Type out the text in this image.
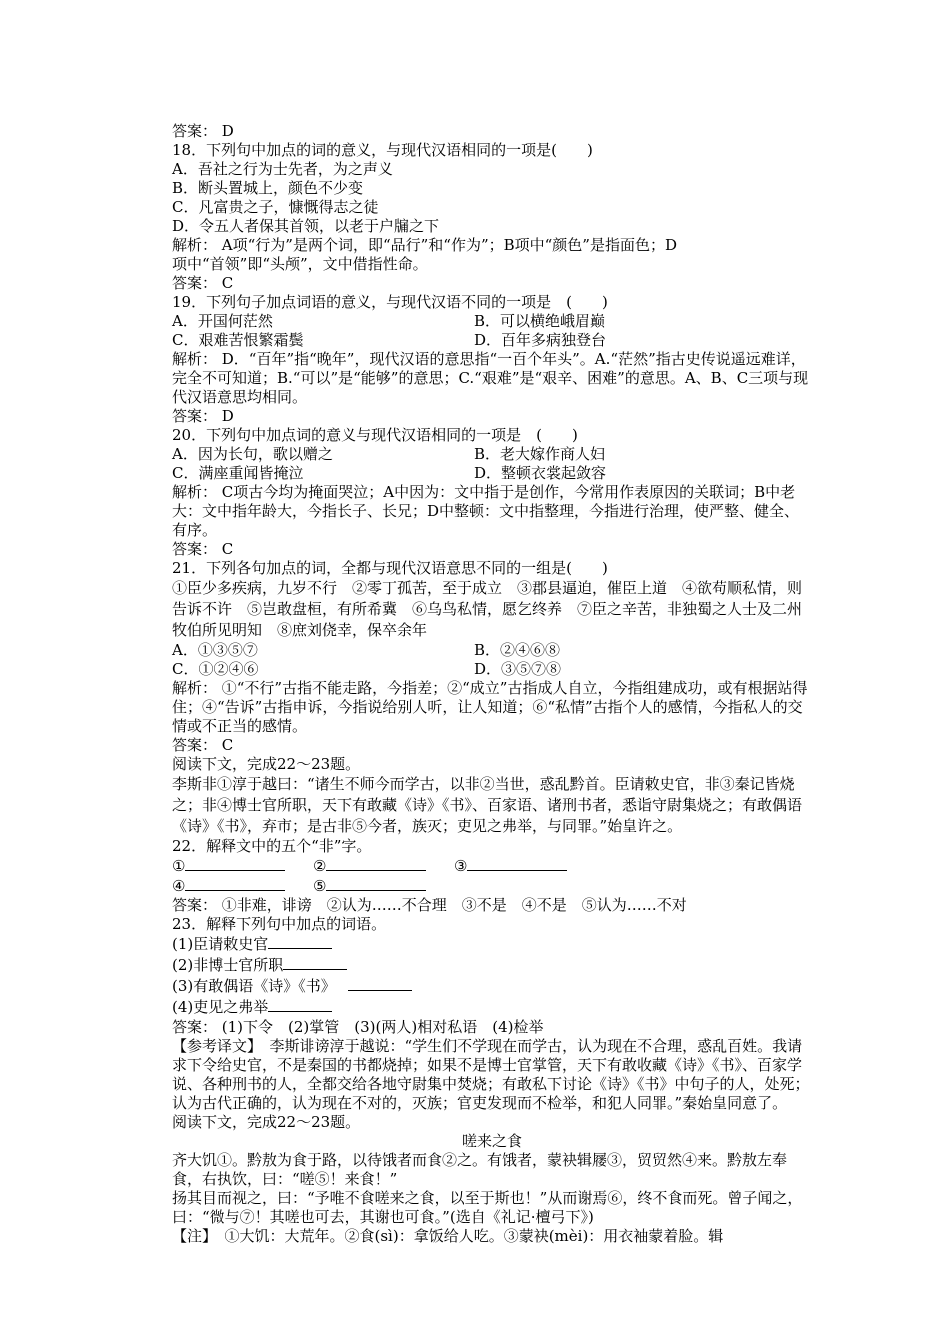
答案： D
18．下列句中加点的词的意义，与现代汉语相同的一项是(　　)
A．吾社之行为士先者，为之声义
B．断头置城上，颜色不少变
C．凡富贵之子，慷慨得志之徒
D．令五人者保其首领，以老于户牖之下
解析： A项“行为”是两个词，即“品行”和“作为”；B项中“颜色”是指面色；D
项中“首领”即“头颅”，文中借指性命。
答案： C
19．下列句子加点词语的意义，与现代汉语不同的一项是　(　　)
A．开国何茫然	B．可以横绝峨眉巅
C．艰难苦恨繁霜鬓	D．百年多病独登台
解析： D．“百年”指“晚年”，现代汉语的意思指“一百个年头”。A.“茫然”指古史传说遥远难详，完全不可知道；B.“可以”是“能够”的意思；C.“艰难”是“艰辛、困难”的意思。A、B、C三项与现代汉语意思均相同。
答案： D
20．下列句中加点词的意义与现代汉语相同的一项是　(　　)
A．因为长句，歌以赠之	B．老大嫁作商人妇
C．满座重闻皆掩泣	D．整顿衣裳起敛容
解析： C项古今均为掩面哭泣；A中因为：文中指于是创作，今常用作表原因的关联词；B中老大：文中指年龄大，今指长子、长兄；D中整顿：文中指整理，今指进行治理，使严整、健全、有序。
答案： C
21．下列各句加点的词，全都与现代汉语意思不同的一组是(　　)
①臣少多疾病，九岁不行　②零丁孤苦，至于成立　③郡县逼迫，催臣上道　④欲苟顺私情，则告诉不许　⑤岂敢盘桓，有所希冀　⑥乌鸟私情，愿乞终养　⑦臣之辛苦，非独蜀之人士及二州牧伯所见明知　⑧庶刘侥幸，保卒余年
A．①③⑤⑦	B．②④⑥⑧
C．①②④⑥	D．③⑤⑦⑧
解析： ①“不行”古指不能走路，今指差；②“成立”古指成人自立，今指组建成功，或有根据站得住；④“告诉”古指申诉，今指说给别人听，让人知道；⑥“私情”古指个人的感情，今指私人的交情或不正当的感情。
答案： C
阅读下文，完成22～23题。
李斯非①淳于越曰：“诸生不师今而学古，以非②当世，惑乱黔首。臣请敕史官，非③秦记皆烧之；非④博士官所职，天下有敢藏《诗》《书》、百家语、诸刑书者，悉诣守尉集烧之；有敢偶语《诗》《书》，弃市；是古非⑤今者，族灭；吏见之弗举，与同罪。”始皇许之。
22．解释文中的五个“非”字。
①	②	③
④	⑤
答案： ①非难，诽谤　②认为……不合理　③不是　④不是　⑤认为……不对
23．解释下列句中加点的词语。
(1)臣请敕史官
(2)非博士官所职
(3)有敢偶语《诗》《书》
(4)吏见之弗举
答案： (1)下令　(2)掌管　(3)(两人)相对私语　(4)检举
【参考译文】　李斯诽谤淳于越说：“学生们不学现在而学古，认为现在不合理，惑乱百姓。我请求下令给史官，不是秦国的书都烧掉；如果不是博士官掌管，天下有敢收藏《诗》《书》、百家学说、各种刑书的人，全都交给各地守尉集中焚烧；有敢私下讨论《诗》《书》中句子的人，处死；认为古代正确的，认为现在不对的，灭族；官吏发现而不检举，和犯人同罪。”秦始皇同意了。
阅读下文，完成22～23题。
嗟来之食
齐大饥①。黔敖为食于路，以待饿者而食②之。有饿者，蒙袂辑屦③，贸贸然④来。黔敖左奉食，右执饮，曰：“嗟⑤！来食！”
扬其目而视之，曰：“予唯不食嗟来之食，以至于斯也！”从而谢焉⑥，终不食而死。曾子闻之，曰：“微与⑦！其嗟也可去，其谢也可食。”(选自《礼记·檀弓下》)
【注】　①大饥：大荒年。②食(sì)：拿饭给人吃。③蒙袂(mèi)：用衣袖蒙着脸。辑
